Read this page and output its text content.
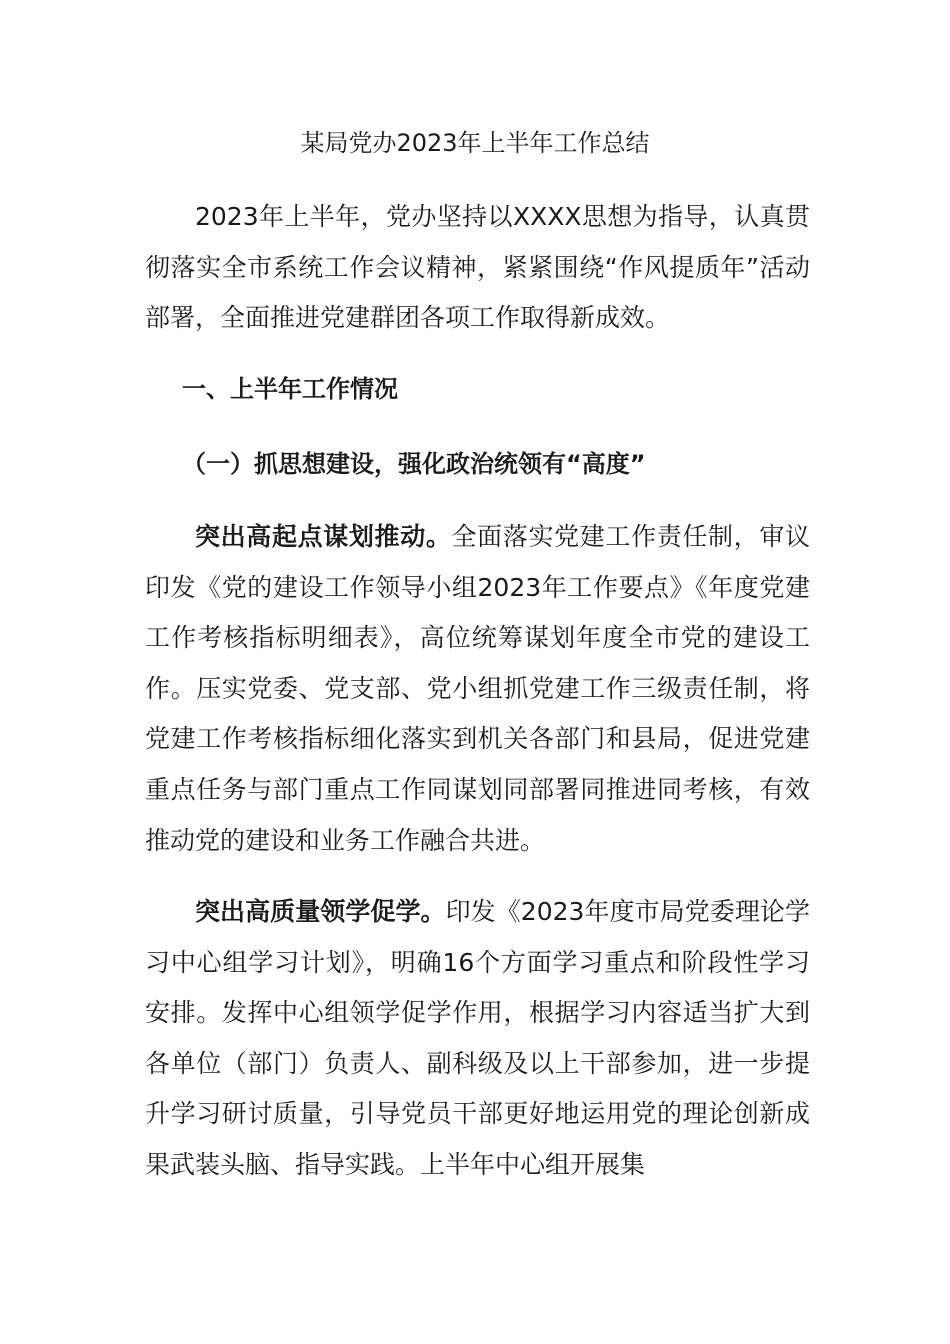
某局党办2023年上半年工作总结

2023年上半年，党办坚持以XXXX思想为指导，认真贯彻落实全市系统工作会议精神，紧紧围绕“作风提质年”活动部署，全面推进党建群团各项工作取得新成效。

一、上半年工作情况
（一）抓思想建设，强化政治统领有“高度”

突出高起点谋划推动。全面落实党建工作责任制，审议印发《党的建设工作领导小组2023年工作要点》《年度党建工作考核指标明细表》，高位统筹谋划年度全市党的建设工作。压实党委、党支部、党小组抓党建工作三级责任制，将党建工作考核指标细化落实到机关各部门和县局，促进党建重点任务与部门重点工作同谋划同部署同推进同考核，有效推动党的建设和业务工作融合共进。

突出高质量领学促学。印发《2023年度市局党委理论学习中心组学习计划》，明确16个方面学习重点和阶段性学习安排。发挥中心组领学促学作用，根据学习内容适当扩大到各单位（部门）负责人、副科级及以上干部参加，进一步提升学习研讨质量，引导党员干部更好地运用党的理论创新成果武装头脑、指导实践。上半年中心组开展集
